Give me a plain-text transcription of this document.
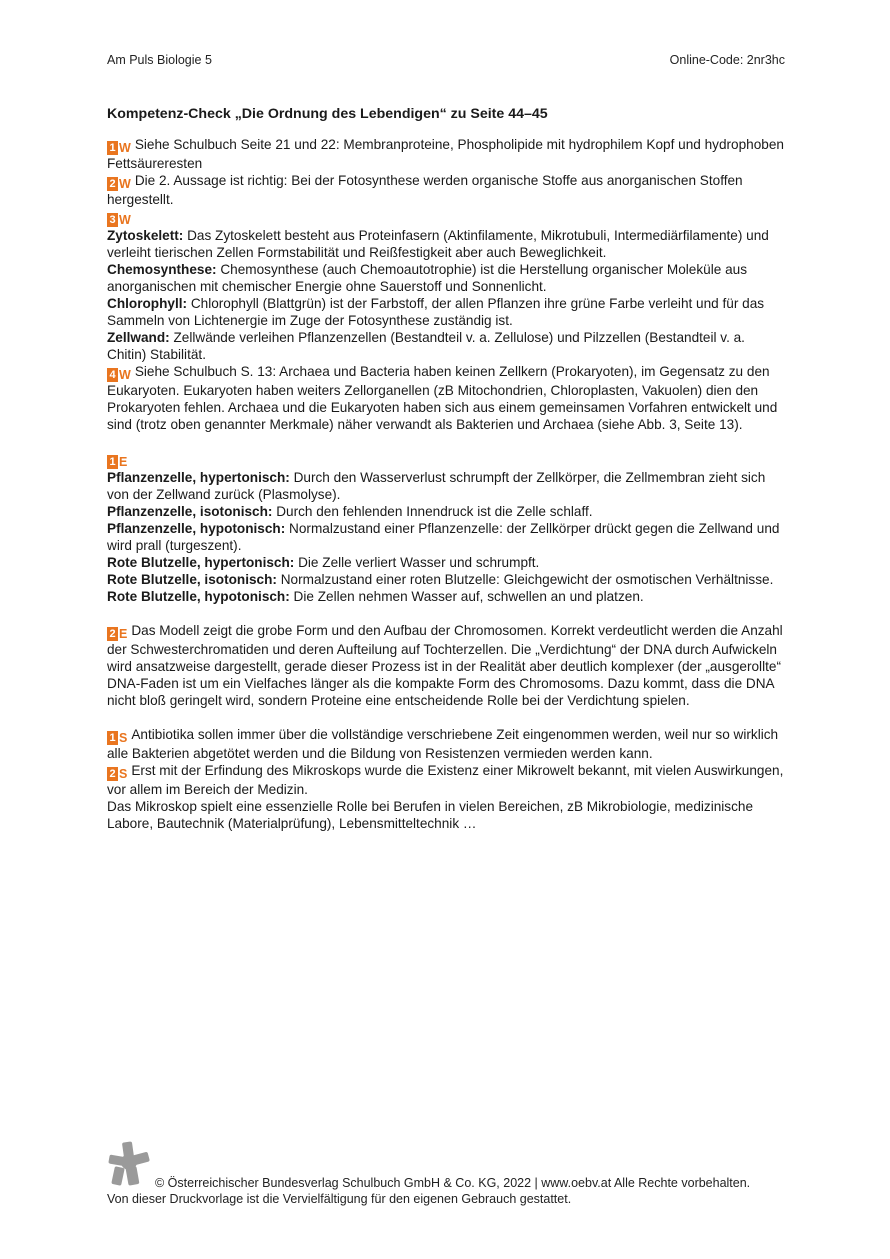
Am Puls Biologie 5	Online-Code: 2nr3hc

Kompetenz-Check „Die Ordnung des Lebendigen“ zu Seite 44–45

1 W Siehe Schulbuch Seite 21 und 22: Membranproteine, Phospholipide mit hydrophilem Kopf und hydrophoben Fettsäureresten

2 W Die 2. Aussage ist richtig: Bei der Fotosynthese werden organische Stoffe aus anorganischen Stoffen hergestellt.

3 W

Zytoskelett: Das Zytoskelett besteht aus Proteinfasern (Aktinfilamente, Mikrotubuli, Intermediärfilamente) und verleiht tierischen Zellen Formstabilität und Reißfestigkeit aber auch Beweglichkeit.

Chemosynthese: Chemosynthese (auch Chemoautotrophie) ist die Herstellung organischer Moleküle aus anorganischen mit chemischer Energie ohne Sauerstoff und Sonnenlicht.

Chlorophyll: Chlorophyll (Blattgrün) ist der Farbstoff, der allen Pflanzen ihre grüne Farbe verleiht und für das Sammeln von Lichtenergie im Zuge der Fotosynthese zuständig ist.

Zellwand: Zellwände verleihen Pflanzenzellen (Bestandteil v. a. Zellulose) und Pilzzellen (Bestandteil v. a. Chitin) Stabilität.

4 W Siehe Schulbuch S. 13: Archaea und Bacteria haben keinen Zellkern (Prokaryoten), im Gegensatz zu den Eukaryoten. Eukaryoten haben weiters Zellorganellen (zB Mitochondrien, Chloroplasten, Vakuolen) dien den Prokaryoten fehlen. Archaea und die Eukaryoten haben sich aus einem gemeinsamen Vorfahren entwickelt und sind (trotz oben genannter Merkmale) näher verwandt als Bakterien und Archaea (siehe Abb. 3, Seite 13).

1 E

Pflanzenzelle, hypertonisch: Durch den Wasserverlust schrumpft der Zellkörper, die Zellmembran zieht sich von der Zellwand zurück (Plasmolyse).

Pflanzenzelle, isotonisch: Durch den fehlenden Innendruck ist die Zelle schlaff.

Pflanzenzelle, hypotonisch: Normalzustand einer Pflanzenzelle: der Zellkörper drückt gegen die Zellwand und wird prall (turgeszent).

Rote Blutzelle, hypertonisch: Die Zelle verliert Wasser und schrumpft.

Rote Blutzelle, isotonisch: Normalzustand einer roten Blutzelle: Gleichgewicht der osmotischen Verhältnisse.

Rote Blutzelle, hypotonisch: Die Zellen nehmen Wasser auf, schwellen an und platzen.

2 E Das Modell zeigt die grobe Form und den Aufbau der Chromosomen. Korrekt verdeutlicht werden die Anzahl der Schwesterchromatiden und deren Aufteilung auf Tochterzellen. Die „Verdichtung“ der DNA durch Aufwickeln wird ansatzweise dargestellt, gerade dieser Prozess ist in der Realität aber deutlich komplexer (der „ausgerollte“ DNA-Faden ist um ein Vielfaches länger als die kompakte Form des Chromosoms. Dazu kommt, dass die DNA nicht bloß geringelt wird, sondern Proteine eine entscheidende Rolle bei der Verdichtung spielen.

1 S Antibiotika sollen immer über die vollständige verschriebene Zeit eingenommen werden, weil nur so wirklich alle Bakterien abgetötet werden und die Bildung von Resistenzen vermieden werden kann.

2 S Erst mit der Erfindung des Mikroskops wurde die Existenz einer Mikrowelt bekannt, mit vielen Auswirkungen, vor allem im Bereich der Medizin.

Das Mikroskop spielt eine essenzielle Rolle bei Berufen in vielen Bereichen, zB Mikrobiologie, medizinische Labore, Bautechnik (Materialprüfung), Lebensmitteltechnik …

© Österreichischer Bundesverlag Schulbuch GmbH & Co. KG, 2022 | www.oebv.at Alle Rechte vorbehalten.
Von dieser Druckvorlage ist die Vervielfältigung für den eigenen Gebrauch gestattet.
